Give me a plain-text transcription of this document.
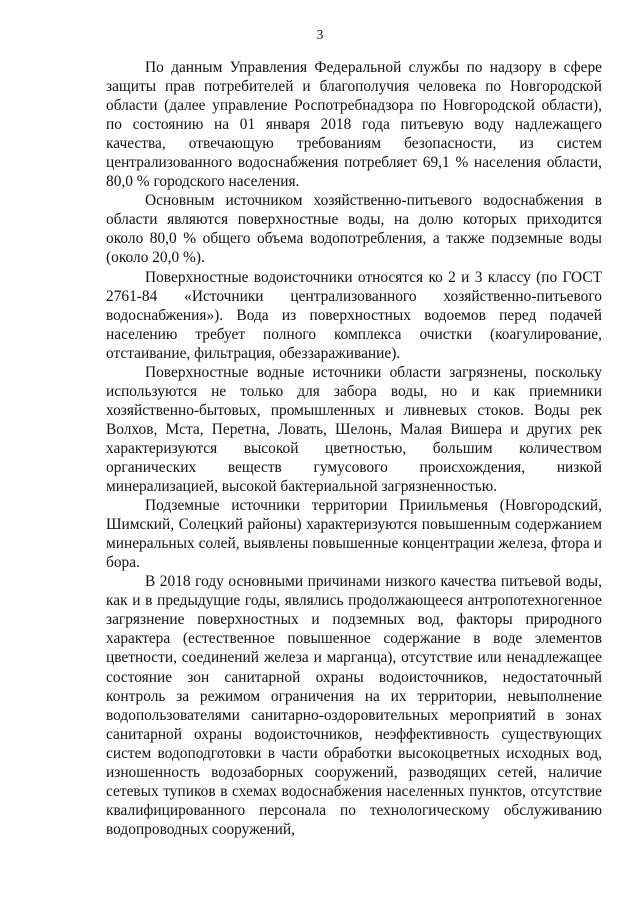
3

По данным Управления Федеральной службы по надзору в сфере защиты прав потребителей и благополучия человека по Новгородской области (далее управление Роспотребнадзора по Новгородской области), по состоянию на 01 января 2018 года питьевую воду надлежащего качества, отвечающую требованиям безопасности, из систем централизованного водоснабжения потребляет 69,1 % населения области, 80,0 % городского населения.

Основным источником хозяйственно-питьевого водоснабжения в области являются поверхностные воды, на долю которых приходится около 80,0 % общего объема водопотребления, а также подземные воды (около 20,0 %).

Поверхностные водоисточники относятся ко 2 и 3 классу (по ГОСТ 2761-84 «Источники централизованного хозяйственно-питьевого водоснабжения»). Вода из поверхностных водоемов перед подачей населению требует полного комплекса очистки (коагулирование, отстаивание, фильтрация, обеззараживание).

Поверхностные водные источники области загрязнены, поскольку используются не только для забора воды, но и как приемники хозяйственно-бытовых, промышленных и ливневых стоков. Воды рек Волхов, Мста, Перетна, Ловать, Шелонь, Малая Вишера и других рек характеризуются высокой цветностью, большим количеством органических веществ гумусового происхождения, низкой минерализацией, высокой бактериальной загрязненностью.

Подземные источники территории Приильменья (Новгородский, Шимский, Солецкий районы) характеризуются повышенным содержанием минеральных солей, выявлены повышенные концентрации железа, фтора и бора.

В 2018 году основными причинами низкого качества питьевой воды, как и в предыдущие годы, являлись продолжающееся антропотехногенное загрязнение поверхностных и подземных вод, факторы природного характера (естественное повышенное содержание в воде элементов цветности, соединений железа и марганца), отсутствие или ненадлежащее состояние зон санитарной охраны водоисточников, недостаточный контроль за режимом ограничения на их территории, невыполнение водопользователями санитарно-оздоровительных мероприятий в зонах санитарной охраны водоисточников, неэффективность существующих систем водоподготовки в части обработки высокоцветных исходных вод, изношенность водозаборных сооружений, разводящих сетей, наличие сетевых тупиков в схемах водоснабжения населенных пунктов, отсутствие квалифицированного персонала по технологическому обслуживанию водопроводных сооружений,
